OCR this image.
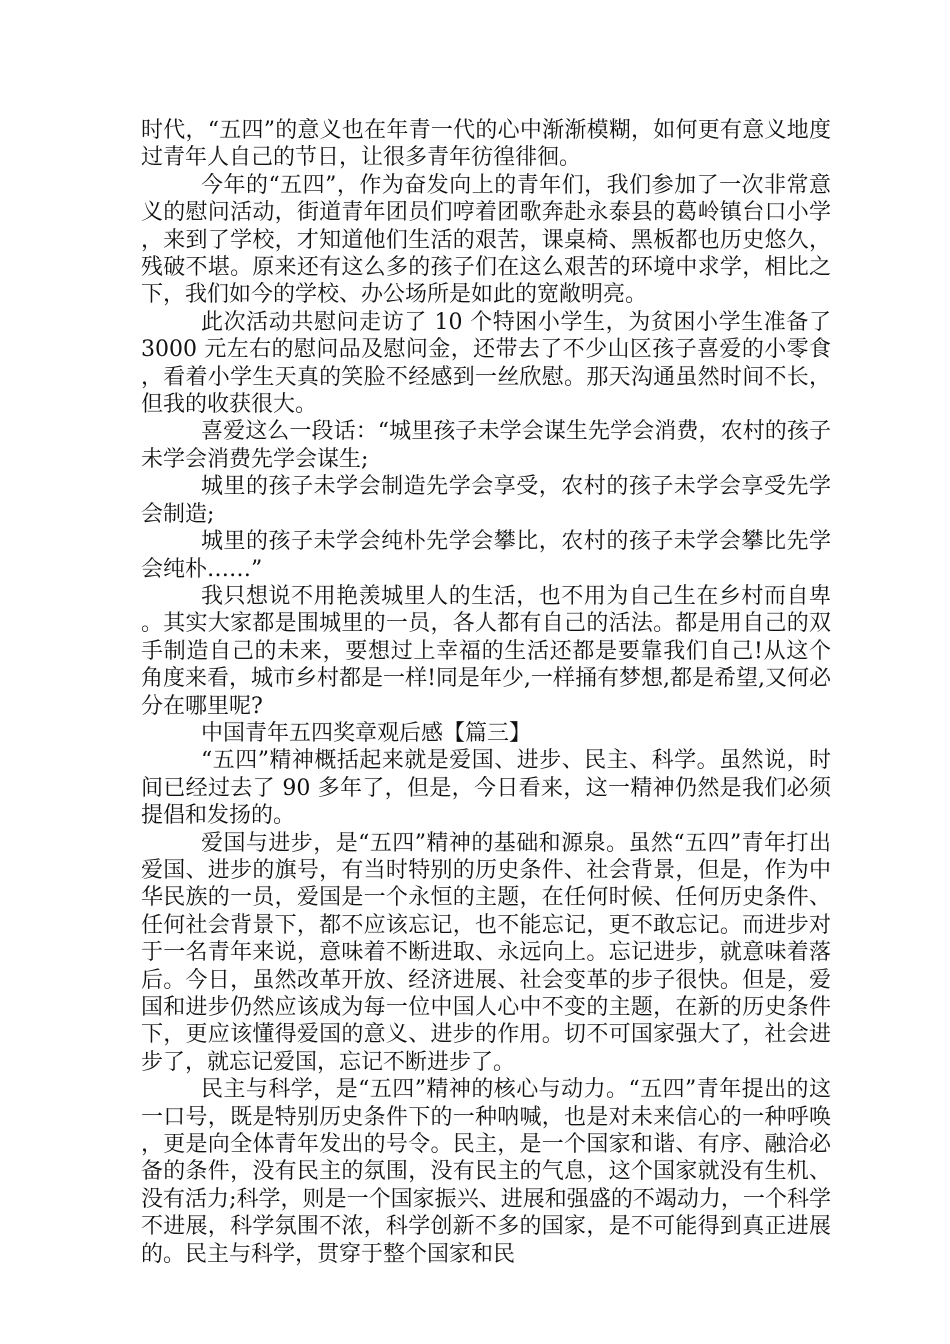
时代，“五四”的意义也在年青一代的心中渐渐模糊，如何更有意义地度过青年人自己的节日，让很多青年彷徨徘徊。

今年的“五四”，作为奋发向上的青年们，我们参加了一次非常意义的慰问活动，街道青年团员们哼着团歌奔赴永泰县的葛岭镇台口小学，来到了学校，才知道他们生活的艰苦，课桌椅、黑板都也历史悠久，残破不堪。原来还有这么多的孩子们在这么艰苦的环境中求学，相比之下，我们如今的学校、办公场所是如此的宽敞明亮。

此次活动共慰问走访了 10 个特困小学生，为贫困小学生准备了 3000 元左右的慰问品及慰问金，还带去了不少山区孩子喜爱的小零食，看着小学生天真的笑脸不经感到一丝欣慰。那天沟通虽然时间不长，但我的收获很大。

喜爱这么一段话：“城里孩子未学会谋生先学会消费，农村的孩子未学会消费先学会谋生;

城里的孩子未学会制造先学会享受，农村的孩子未学会享受先学会制造;

城里的孩子未学会纯朴先学会攀比，农村的孩子未学会攀比先学会纯朴……”

我只想说不用艳羡城里人的生活，也不用为自己生在乡村而自卑。其实大家都是围城里的一员，各人都有自己的活法。都是用自己的双手制造自己的未来，要想过上幸福的生活还都是要靠我们自己!从这个角度来看，城市乡村都是一样!同是年少,一样捅有梦想,都是希望,又何必分在哪里呢?

中国青年五四奖章观后感【篇三】

“五四”精神概括起来就是爱国、进步、民主、科学。虽然说，时间已经过去了 90 多年了，但是，今日看来，这一精神仍然是我们必须提倡和发扬的。

爱国与进步，是“五四”精神的基础和源泉。虽然“五四”青年打出爱国、进步的旗号，有当时特别的历史条件、社会背景，但是，作为中华民族的一员，爱国是一个永恒的主题，在任何时候、任何历史条件、任何社会背景下，都不应该忘记，也不能忘记，更不敢忘记。而进步对于一名青年来说，意味着不断进取、永远向上。忘记进步，就意味着落后。今日，虽然改革开放、经济进展、社会变革的步子很快。但是，爱国和进步仍然应该成为每一位中国人心中不变的主题，在新的历史条件下，更应该懂得爱国的意义、进步的作用。切不可国家强大了，社会进步了，就忘记爱国，忘记不断进步了。

民主与科学，是“五四”精神的核心与动力。“五四”青年提出的这一口号，既是特别历史条件下的一种呐喊，也是对未来信心的一种呼唤，更是向全体青年发出的号令。民主，是一个国家和谐、有序、融洽必备的条件，没有民主的氛围，没有民主的气息，这个国家就没有生机、没有活力;科学，则是一个国家振兴、进展和强盛的不竭动力，一个科学不进展，科学氛围不浓，科学创新不多的国家，是不可能得到真正进展的。民主与科学，贯穿于整个国家和民
